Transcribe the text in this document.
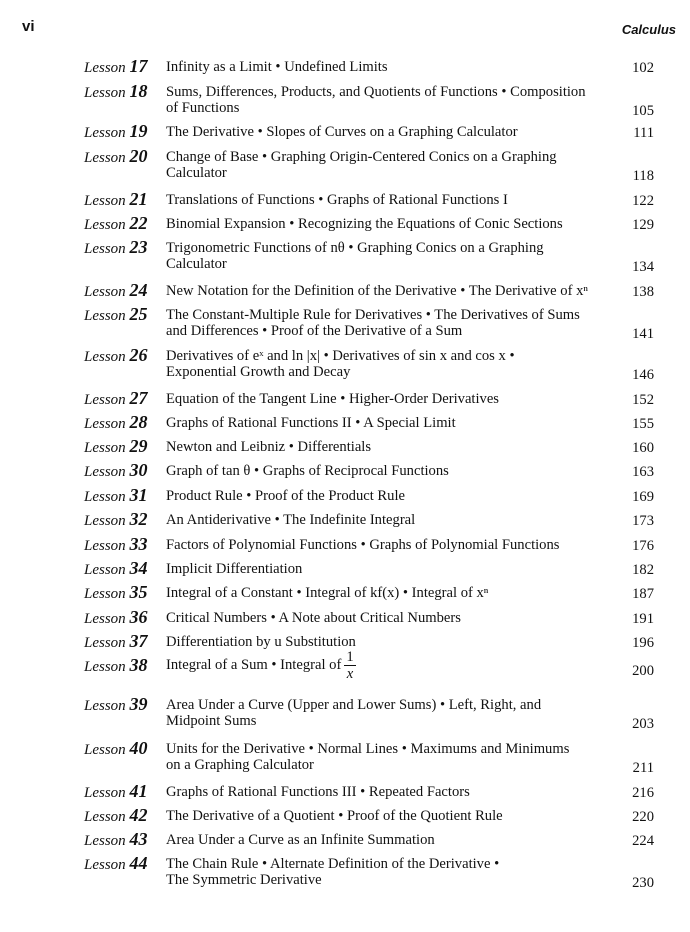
vi	Calculus
Lesson 17 Infinity as a Limit • Undefined Limits	102
Lesson 18 Sums, Differences, Products, and Quotients of Functions • Composition
of Functions	105
Lesson 19 The Derivative • Slopes of Curves on a Graphing Calculator	111
Lesson 20 Change of Base • Graphing Origin-Centered Conics on a Graphing
Calculator	118
Lesson 21 Translations of Functions • Graphs of Rational Functions I	122
Lesson 22 Binomial Expansion • Recognizing the Equations of Conic Sections	129
Lesson 23 Trigonometric Functions of nθ • Graphing Conics on a Graphing
Calculator	134
Lesson 24 New Notation for the Definition of the Derivative • The Derivative of xⁿ	138
Lesson 25 The Constant-Multiple Rule for Derivatives • The Derivatives of Sums
and Differences • Proof of the Derivative of a Sum	141
Lesson 26 Derivatives of eˣ and ln |x| • Derivatives of sin x and cos x •
Exponential Growth and Decay	146
Lesson 27 Equation of the Tangent Line • Higher-Order Derivatives	152
Lesson 28 Graphs of Rational Functions II • A Special Limit	155
Lesson 29 Newton and Leibniz • Differentials	160
Lesson 30 Graph of tan θ • Graphs of Reciprocal Functions	163
Lesson 31 Product Rule • Proof of the Product Rule	169
Lesson 32 An Antiderivative • The Indefinite Integral	173
Lesson 33 Factors of Polynomial Functions • Graphs of Polynomial Functions	176
Lesson 34 Implicit Differentiation	182
Lesson 35 Integral of a Constant • Integral of kf(x) • Integral of xⁿ	187
Lesson 36 Critical Numbers • A Note about Critical Numbers	191
Lesson 37 Differentiation by u Substitution	196
Lesson 38 Integral of a Sum • Integral of $\frac{1}{x}$	200
Lesson 39 Area Under a Curve (Upper and Lower Sums) • Left, Right, and
Midpoint Sums	203
Lesson 40 Units for the Derivative • Normal Lines • Maximums and Minimums
on a Graphing Calculator	211
Lesson 41 Graphs of Rational Functions III • Repeated Factors	216
Lesson 42 The Derivative of a Quotient • Proof of the Quotient Rule	220
Lesson 43 Area Under a Curve as an Infinite Summation	224
Lesson 44 The Chain Rule • Alternate Definition of the Derivative •
The Symmetric Derivative	230
